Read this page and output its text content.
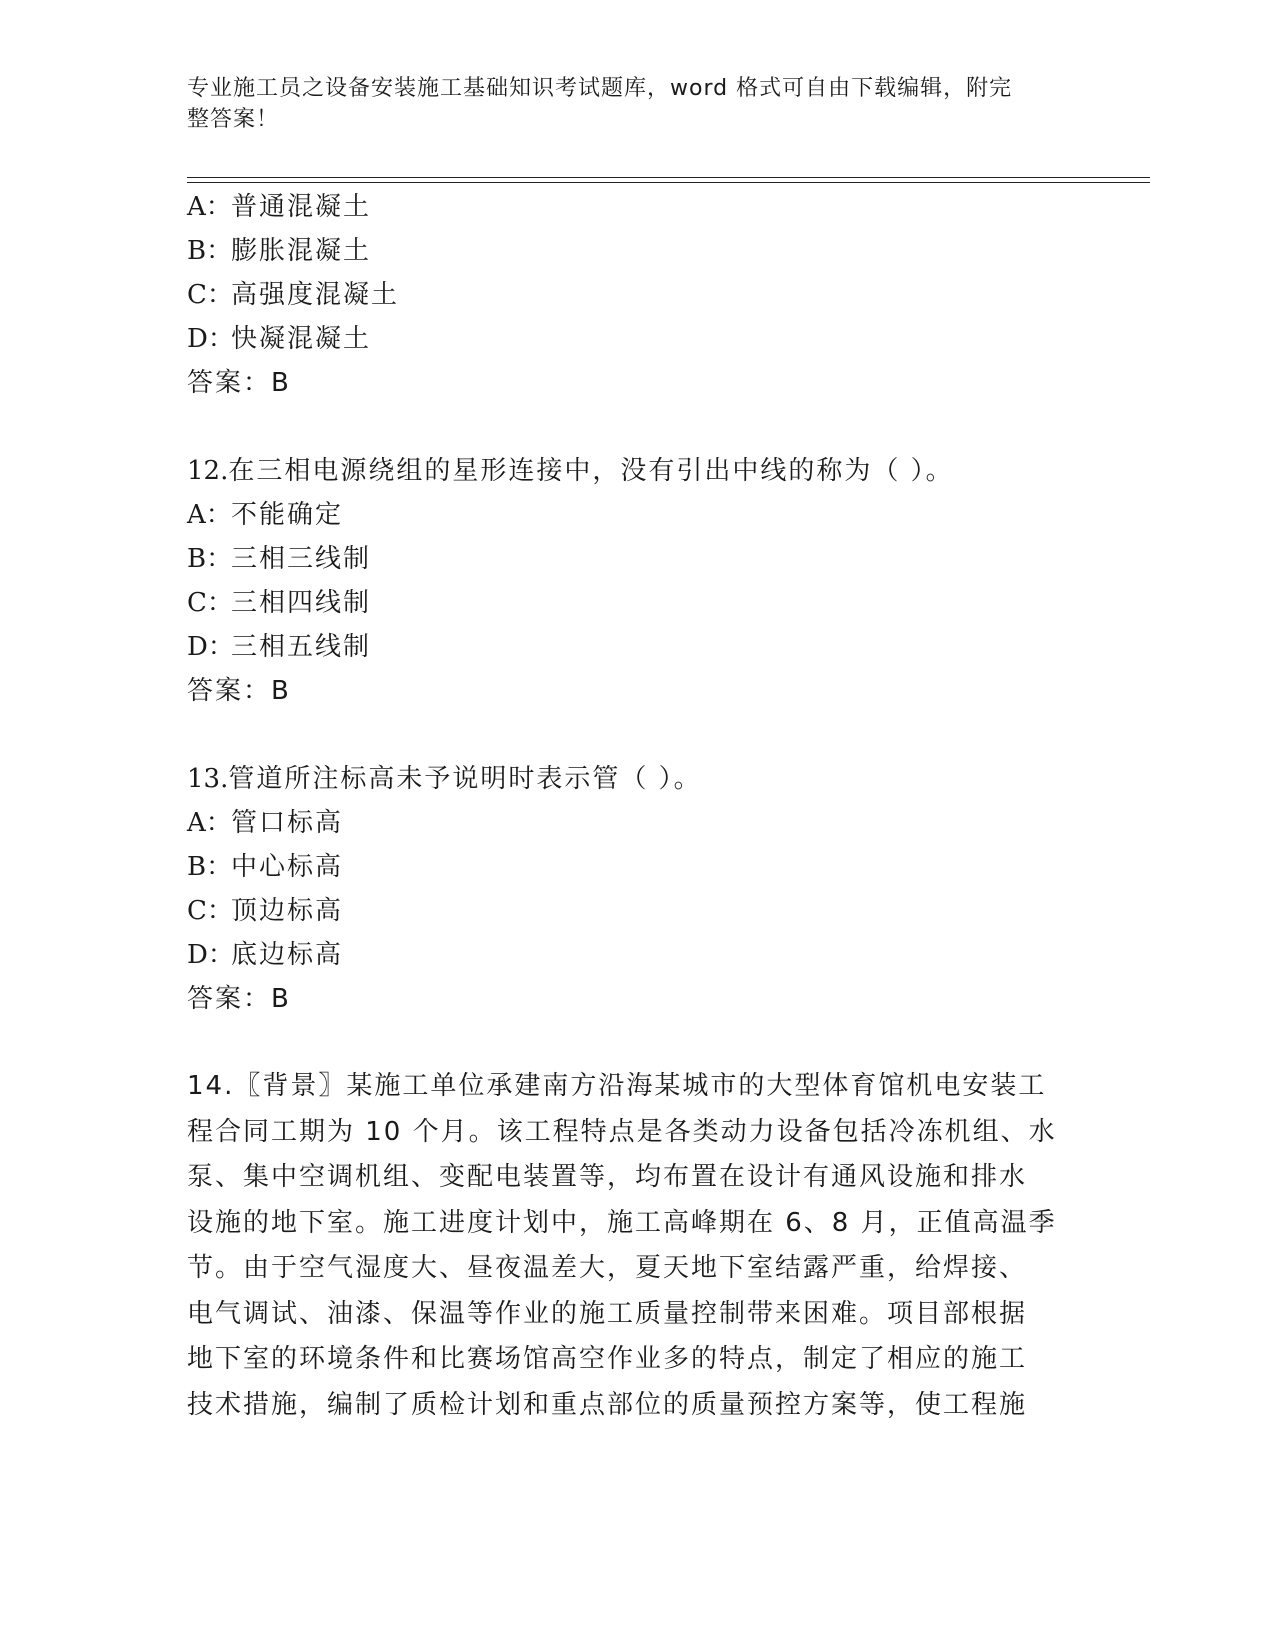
专业施工员之设备安装施工基础知识考试题库，word 格式可自由下载编辑，附完
整答案！
A：普通混凝土
B：膨胀混凝土
C：高强度混凝土
D：快凝混凝土
答案：B
12.在三相电源绕组的星形连接中，没有引出中线的称为（ ）。
A：不能确定
B：三相三线制
C：三相四线制
D：三相五线制
答案：B
13.管道所注标高未予说明时表示管（ ）。
A：管口标高
B：中心标高
C：顶边标高
D：底边标高
答案：B
14.〖背景〗某施工单位承建南方沿海某城市的大型体育馆机电安装工
程合同工期为 10 个月。该工程特点是各类动力设备包括冷冻机组、水
泵、集中空调机组、变配电装置等，均布置在设计有通风设施和排水
设施的地下室。施工进度计划中，施工高峰期在 6、8 月，正值高温季
节。由于空气湿度大、昼夜温差大，夏天地下室结露严重，给焊接、
电气调试、油漆、保温等作业的施工质量控制带来困难。项目部根据
地下室的环境条件和比赛场馆高空作业多的特点，制定了相应的施工
技术措施，编制了质检计划和重点部位的质量预控方案等，使工程施
